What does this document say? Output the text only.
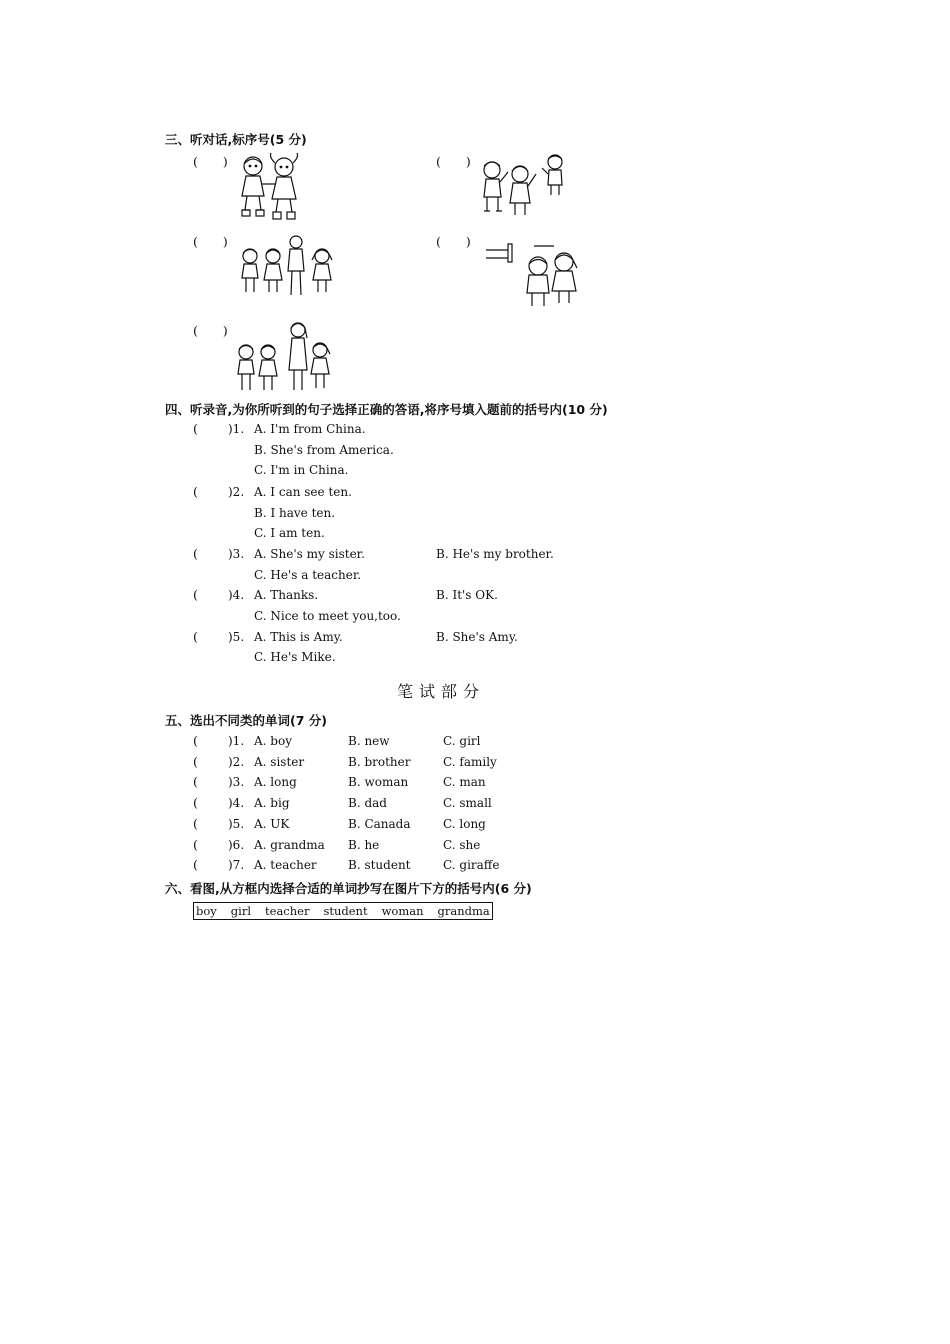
三、听对话,标序号(5 分)
(　　)	(　　)
(　　)	(　　)
(　　)
四、听录音,为你所听到的句子选择正确的答语,将序号填入题前的括号内(10 分)
(	)1. A. I'm from China.
B. She's from America.
C. I'm in China.
(	)2. A. I can see ten.
B. I have ten.
C. I am ten.
(	)3. A. She's my sister.	B. He's my brother.
C. He's a teacher.
(	)4. A. Thanks.	B. It's OK.
C. Nice to meet you,too.
(	)5. A. This is Amy.	B. She's Amy.
C. He's Mike.
笔试部分
五、选出不同类的单词(7 分)
(	)1. A. boy	B. new	C. girl
(	)2. A. sister	B. brother	C. family
(	)3. A. long	B. woman	C. man
(	)4. A. big	B. dad	C. small
(	)5. A. UK	B. Canada	C. long
(	)6. A. grandma B. he	C. she
(	)7. A. teacher	B. student	C. giraffe
六、看图,从方框内选择合适的单词抄写在图片下方的括号内(6 分)
boy girl teacher student woman grandma
